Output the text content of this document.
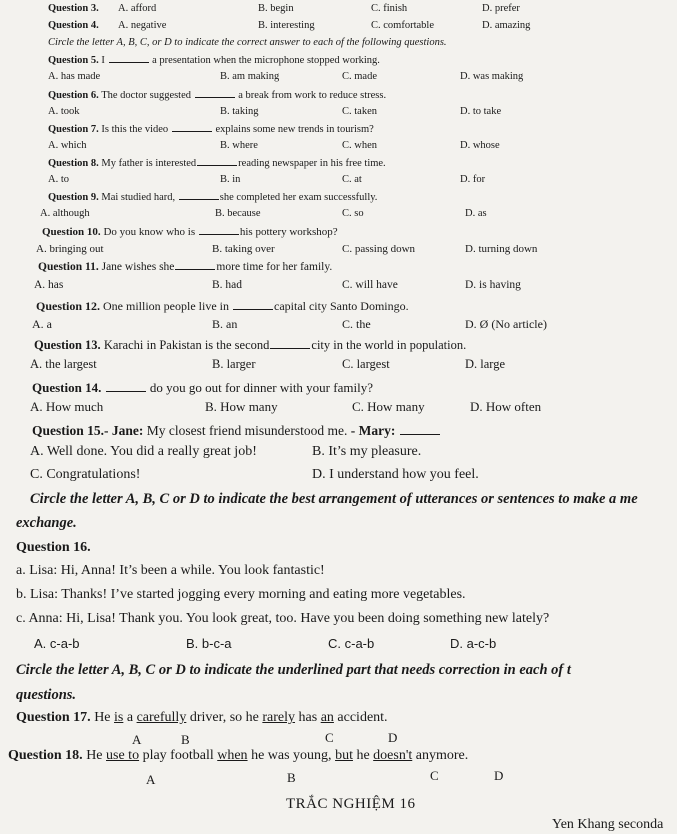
Question 3. A. afford	B. begin	C. finish	D. prefer
Question 4. A. negative	B. interesting	C. comfortable	D. amazing
Circle the letter A, B, C, or D to indicate the correct answer to each of the following questions.
Question 5. I	a presentation when the microphone stopped working.
A. has made	B. am making	C. made	D. was making
Question 6. The doctor suggested	a break from work to reduce stress.
A. took	B. taking	C. taken	D. to take
Question 7. Is this the video	explains some new trends in tourism?
A. which	B. where	C. when	D. whose
Question 8. My father is interested	reading newspaper in his free time.
A. to	B. in	C. at	D. for
Question 9. Mai studied hard,	she completed her exam successfully.
A. although	B. because	C. so	D. as
Question 10. Do you know who is	his pottery workshop?
A. bringing out	B. taking over	C. passing down	D. turning down
Question 11. Jane wishes she	more time for her family.
A. has	B. had	C. will have	D. is having
Question 12. One million people live in	capital city Santo Domingo.
A. a	B. an	C. the	D. Ø (No article)
Question 13. Karachi in Pakistan is the second	city in the world in population.
A. the largest	B. larger	C. largest	D. large
Question 14.	do you go out for dinner with your family?
A. How much	B. How many	C. How many	D. How often
Question 15.- Jane: My closest friend misunderstood me. - Mary:
A. Well done. You did a really great job!	B. It’s my pleasure.
C. Congratulations!	D. I understand how you feel.
Circle the letter A, B, C or D to indicate the best arrangement of utterances or sentences to make a me
exchange.
Question 16.
a. Lisa: Hi, Anna! It’s been a while. You look fantastic!
b. Lisa: Thanks! I’ve started jogging every morning and eating more vegetables.
c. Anna: Hi, Lisa! Thank you. You look great, too. Have you been doing something new lately?
A. c-a-b	B. b-c-a	C. c-a-b	D. a-c-b
Circle the letter A, B, C or D to indicate the underlined part that needs correction in each of t
questions.
Question 17. He is a carefully driver, so he rarely has an accident.
A	B	C	D
Question 18. He use to play football when he was young, but he doesn't anymore.
A	B	C	D
TRẮC NGHIỆM 16
Yen Khang seconda
